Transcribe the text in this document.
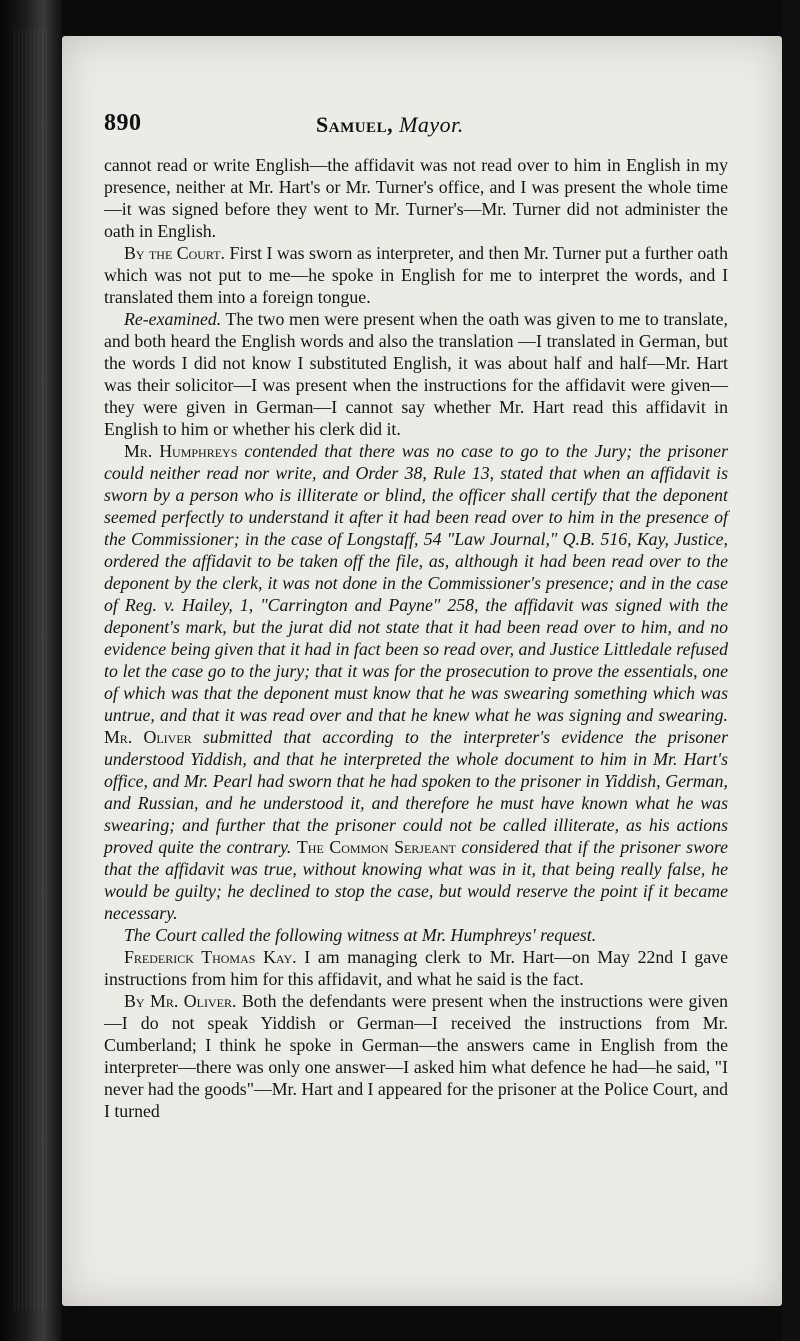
890	Samuel, Mayor.

cannot read or write English—the affidavit was not read over to him in English in my presence, neither at Mr. Hart's or Mr. Turner's office, and I was present the whole time—it was signed before they went to Mr. Turner's—Mr. Turner did not administer the oath in English.

By the Court. First I was sworn as interpreter, and then Mr. Turner put a further oath which was not put to me—he spoke in English for me to interpret the words, and I translated them into a foreign tongue.

Re-examined. The two men were present when the oath was given to me to translate, and both heard the English words and also the translation —I translated in German, but the words I did not know I substituted English, it was about half and half—Mr. Hart was their solicitor—I was present when the instructions for the affidavit were given—they were given in German—I cannot say whether Mr. Hart read this affidavit in English to him or whether his clerk did it.

Mr. Humphreys contended that there was no case to go to the Jury; the prisoner could neither read nor write, and Order 38, Rule 13, stated that when an affidavit is sworn by a person who is illiterate or blind, the officer shall certify that the deponent seemed perfectly to understand it after it had been read over to him in the presence of the Commissioner; in the case of Longstaff, 54 "Law Journal," Q.B. 516, Kay, Justice, ordered the affidavit to be taken off the file, as, although it had been read over to the deponent by the clerk, it was not done in the Commissioner's presence; and in the case of Reg. v. Hailey, 1, "Carrington and Payne" 258, the affidavit was signed with the deponent's mark, but the jurat did not state that it had been read over to him, and no evidence being given that it had in fact been so read over, and Justice Littledale refused to let the case go to the jury; that it was for the prosecution to prove the essentials, one of which was that the deponent must know that he was swearing something which was untrue, and that it was read over and that he knew what he was signing and swearing. Mr. Oliver submitted that according to the interpreter's evidence the prisoner understood Yiddish, and that he interpreted the whole document to him in Mr. Hart's office, and Mr. Pearl had sworn that he had spoken to the prisoner in Yiddish, German, and Russian, and he understood it, and therefore he must have known what he was swearing; and further that the prisoner could not be called illiterate, as his actions proved quite the contrary. The Common Serjeant considered that if the prisoner swore that the affidavit was true, without knowing what was in it, that being really false, he would be guilty; he declined to stop the case, but would reserve the point if it became necessary.

The Court called the following witness at Mr. Humphreys' request.

Frederick Thomas Kay. I am managing clerk to Mr. Hart—on May 22nd I gave instructions from him for this affidavit, and what he said is the fact.

By Mr. Oliver. Both the defendants were present when the instructions were given—I do not speak Yiddish or German—I received the instructions from Mr. Cumberland; I think he spoke in German—the answers came in English from the interpreter—there was only one answer—I asked him what defence he had—he said, "I never had the goods"—Mr. Hart and I appeared for the prisoner at the Police Court, and I turned
